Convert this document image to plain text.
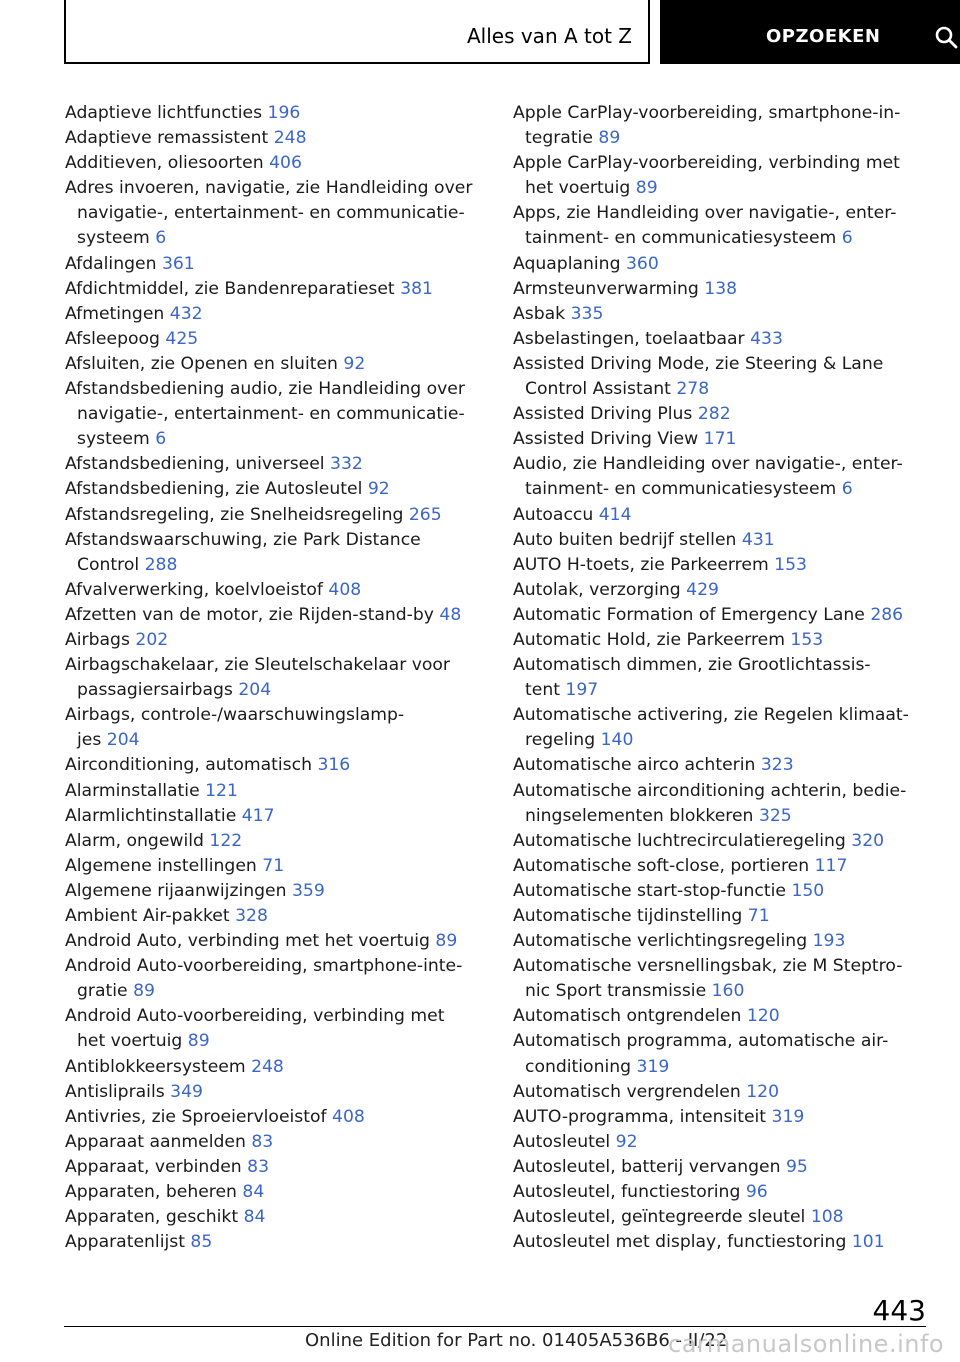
Alles van A tot Z	OPZOEKEN

Adaptieve lichtfuncties 196

Adaptieve remassistent 248

Additieven, oliesoorten 406

Adres invoeren, navigatie, zie Handleiding over
navigatie-, entertainment- en communicatie-
systeem 6

Afdalingen 361

Afdichtmiddel, zie Bandenreparatieset 381

Afmetingen 432

Afsleepoog 425

Afsluiten, zie Openen en sluiten 92

Afstandsbediening audio, zie Handleiding over
navigatie-, entertainment- en communicatie-
systeem 6

Afstandsbediening, universeel 332

Afstandsbediening, zie Autosleutel 92

Afstandsregeling, zie Snelheidsregeling 265

Afstandswaarschuwing, zie Park Distance
Control 288

Afvalverwerking, koelvloeistof 408

Afzetten van de motor, zie Rijden-stand-by 48

Airbags 202

Airbagschakelaar, zie Sleutelschakelaar voor
passagiersairbags 204

Airbags, controle-/waarschuwingslamp-
jes 204

Airconditioning, automatisch 316

Alarminstallatie 121

Alarmlichtinstallatie 417

Alarm, ongewild 122

Algemene instellingen 71

Algemene rijaanwijzingen 359

Ambient Air-pakket 328

Android Auto, verbinding met het voertuig 89

Android Auto-voorbereiding, smartphone-inte-
gratie 89

Android Auto-voorbereiding, verbinding met
het voertuig 89

Antiblokkeersysteem 248

Antisliprails 349

Antivries, zie Sproeiervloeistof 408

Apparaat aanmelden 83

Apparaat, verbinden 83

Apparaten, beheren 84

Apparaten, geschikt 84

Apparatenlijst 85

Apple CarPlay-voorbereiding, smartphone-in-
tegratie 89

Apple CarPlay-voorbereiding, verbinding met
het voertuig 89

Apps, zie Handleiding over navigatie-, enter-
tainment- en communicatiesysteem 6

Aquaplaning 360

Armsteunverwarming 138

Asbak 335

Asbelastingen, toelaatbaar 433

Assisted Driving Mode, zie Steering & Lane
Control Assistant 278

Assisted Driving Plus 282

Assisted Driving View 171

Audio, zie Handleiding over navigatie-, enter-
tainment- en communicatiesysteem 6

Autoaccu 414

Auto buiten bedrijf stellen 431

AUTO H-toets, zie Parkeerrem 153

Autolak, verzorging 429

Automatic Formation of Emergency Lane 286

Automatic Hold, zie Parkeerrem 153

Automatisch dimmen, zie Grootlichtassis-
tent 197

Automatische activering, zie Regelen klimaat-
regeling 140

Automatische airco achterin 323

Automatische airconditioning achterin, bedie-
ningselementen blokkeren 325

Automatische luchtrecirculatieregeling 320

Automatische soft-close, portieren 117

Automatische start-stop-functie 150

Automatische tijdinstelling 71

Automatische verlichtingsregeling 193

Automatische versnellingsbak, zie M Steptro-
nic Sport transmissie 160

Automatisch ontgrendelen 120

Automatisch programma, automatische air-
conditioning 319

Automatisch vergrendelen 120

AUTO-programma, intensiteit 319

Autosleutel 92

Autosleutel, batterij vervangen 95

Autosleutel, functiestoring 96

Autosleutel, geïntegreerde sleutel 108

Autosleutel met display, functiestoring 101

443
Online Edition for Part no. 01405A536B6 - II/22
carmanualsonline.info
